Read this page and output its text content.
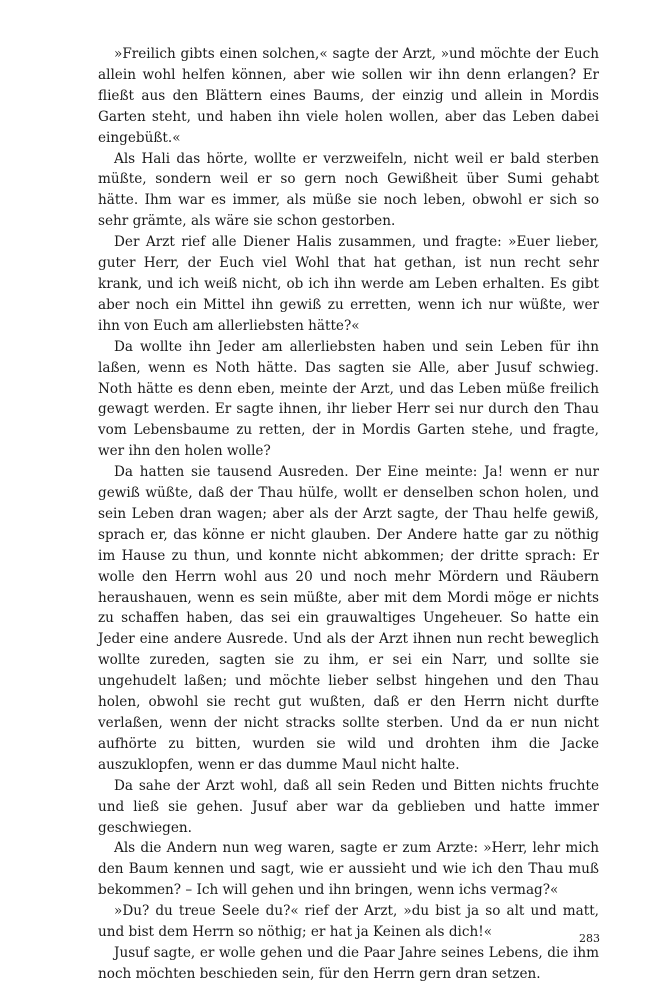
»Freilich gibts einen solchen,« sagte der Arzt, »und möchte der Euch allein wohl helfen können, aber wie sollen wir ihn denn erlangen? Er fließt aus den Blättern eines Baums, der einzig und allein in Mordis Garten steht, und haben ihn viele holen wollen, aber das Leben dabei eingebüßt.«

Als Hali das hörte, wollte er verzweifeln, nicht weil er bald sterben müßte, sondern weil er so gern noch Gewißheit über Sumi gehabt hätte. Ihm war es immer, als müße sie noch leben, obwohl er sich so sehr grämte, als wäre sie schon gestorben.

Der Arzt rief alle Diener Halis zusammen, und fragte: »Euer lieber, guter Herr, der Euch viel Wohl that hat gethan, ist nun recht sehr krank, und ich weiß nicht, ob ich ihn werde am Leben erhalten. Es gibt aber noch ein Mittel ihn gewiß zu erretten, wenn ich nur wüßte, wer ihn von Euch am allerliebsten hätte?«

Da wollte ihn Jeder am allerliebsten haben und sein Leben für ihn laßen, wenn es Noth hätte. Das sagten sie Alle, aber Jusuf schwieg. Noth hätte es denn eben, meinte der Arzt, und das Leben müße freilich gewagt werden. Er sagte ihnen, ihr lieber Herr sei nur durch den Thau vom Lebensbaume zu retten, der in Mordis Garten stehe, und fragte, wer ihn den holen wolle?

Da hatten sie tausend Ausreden. Der Eine meinte: Ja! wenn er nur gewiß wüßte, daß der Thau hülfe, wollt er denselben schon holen, und sein Leben dran wagen; aber als der Arzt sagte, der Thau helfe gewiß, sprach er, das könne er nicht glauben. Der Andere hatte gar zu nöthig im Hause zu thun, und konnte nicht abkommen; der dritte sprach: Er wolle den Herrn wohl aus 20 und noch mehr Mördern und Räubern heraushauen, wenn es sein müßte, aber mit dem Mordi möge er nichts zu schaffen haben, das sei ein grauwaltiges Ungeheuer. So hatte ein Jeder eine andere Ausrede. Und als der Arzt ihnen nun recht beweglich wollte zureden, sagten sie zu ihm, er sei ein Narr, und sollte sie ungehudelt laßen; und möchte lieber selbst hingehen und den Thau holen, obwohl sie recht gut wußten, daß er den Herrn nicht durfte verlaßen, wenn der nicht stracks sollte sterben. Und da er nun nicht aufhörte zu bitten, wurden sie wild und drohten ihm die Jacke auszuklopfen, wenn er das dumme Maul nicht halte.

Da sahe der Arzt wohl, daß all sein Reden und Bitten nichts fruchte und ließ sie gehen. Jusuf aber war da geblieben und hatte immer geschwiegen.

Als die Andern nun weg waren, sagte er zum Arzte: »Herr, lehr mich den Baum kennen und sagt, wie er aussieht und wie ich den Thau muß bekommen? – Ich will gehen und ihn bringen, wenn ichs vermag?«

»Du? du treue Seele du?« rief der Arzt, »du bist ja so alt und matt, und bist dem Herrn so nöthig; er hat ja Keinen als dich!«

Jusuf sagte, er wolle gehen und die Paar Jahre seines Lebens, die ihm noch möchten beschieden sein, für den Herrn gern dran setzen.

283
